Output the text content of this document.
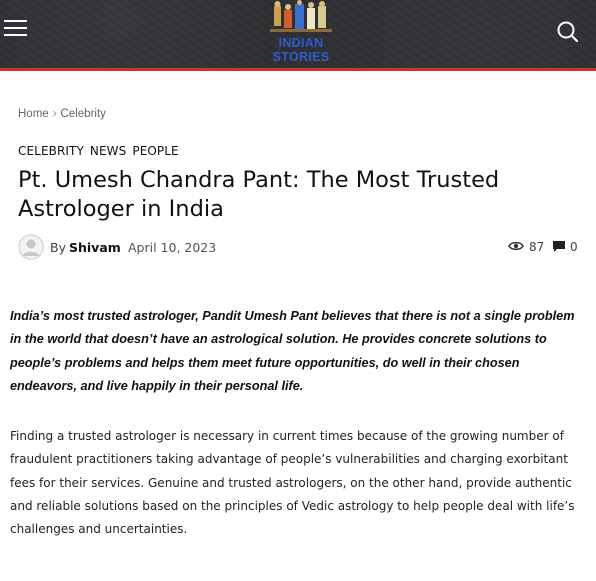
INDIAN
STORIES
Home › Celebrity
CELEBRITY NEWS PEOPLE
Pt. Umesh Chandra Pant: The Most Trusted Astrologer in India
By Shivam April 10, 2023	87 0

India’s most trusted astrologer, Pandit Umesh Pant believes that there is not a single problem in the world that doesn’t have an astrological solution. He provides concrete solutions to people’s problems and helps them meet future opportunities, do well in their chosen endeavors, and live happily in their personal life.

Finding a trusted astrologer is necessary in current times because of the growing number of fraudulent practitioners taking advantage of people’s vulnerabilities and charging exorbitant fees for their services. Genuine and trusted astrologers, on the other hand, provide authentic and reliable solutions based on the principles of Vedic astrology to help people deal with life’s challenges and uncertainties.
